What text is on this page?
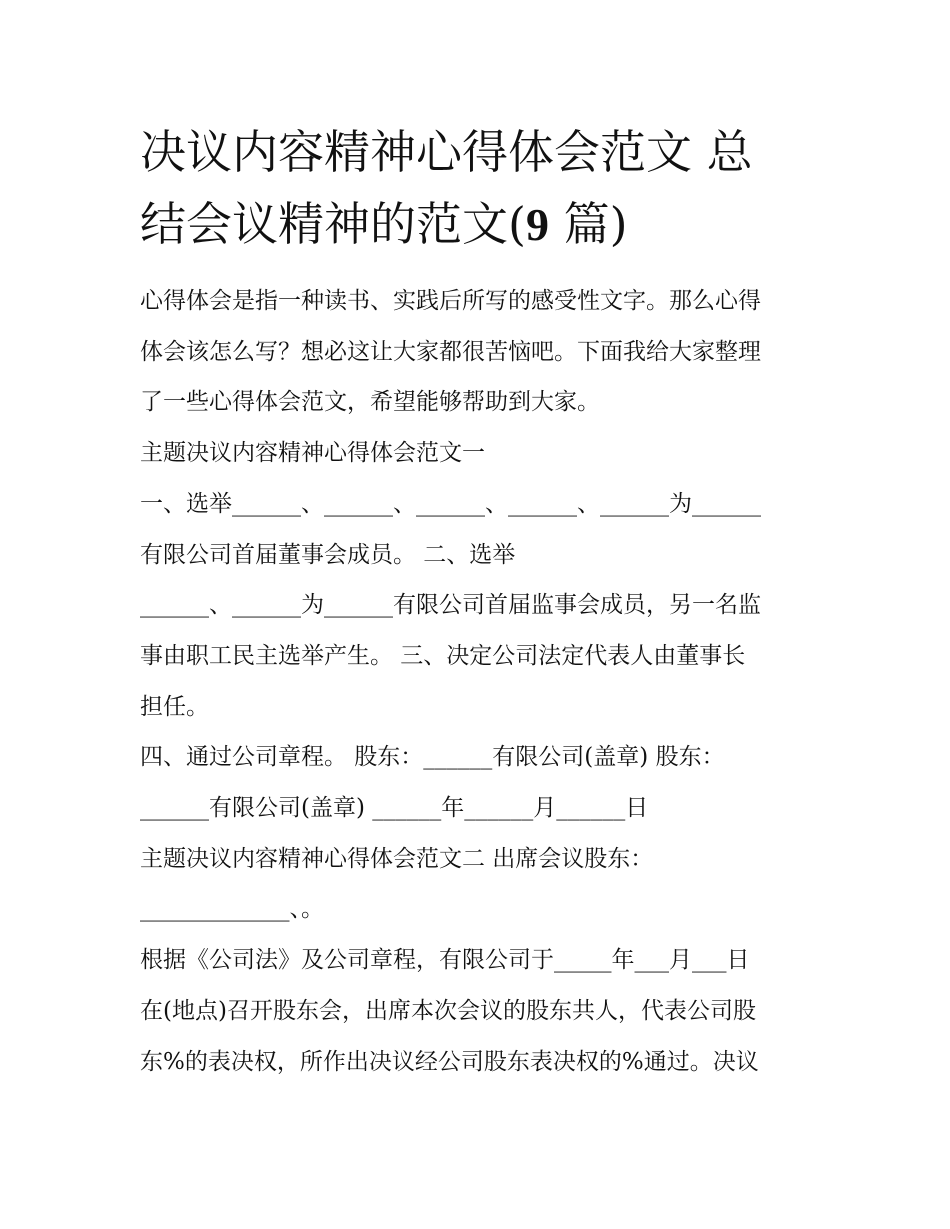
决议内容精神心得体会范文 总
结会议精神的范文(9 篇)

心得体会是指一种读书、实践后所写的感受性文字。那么心得

体会该怎么写？想必这让大家都很苦恼吧。下面我给大家整理

了一些心得体会范文，希望能够帮助到大家。

主题决议内容精神心得体会范文一

一、选举______、______、______、______、______为______

有限公司首届董事会成员。 二、选举

______、______为______有限公司首届监事会成员，另一名监

事由职工民主选举产生。 三、决定公司法定代表人由董事长

担任。

四、通过公司章程。 股东：______有限公司(盖章) 股东：

______有限公司(盖章) ______年______月______日

主题决议内容精神心得体会范文二 出席会议股东：

_____________、。

根据《公司法》及公司章程，有限公司于_____年___月___日

在(地点)召开股东会，出席本次会议的股东共人，代表公司股

东%的表决权，所作出决议经公司股东表决权的%通过。决议
